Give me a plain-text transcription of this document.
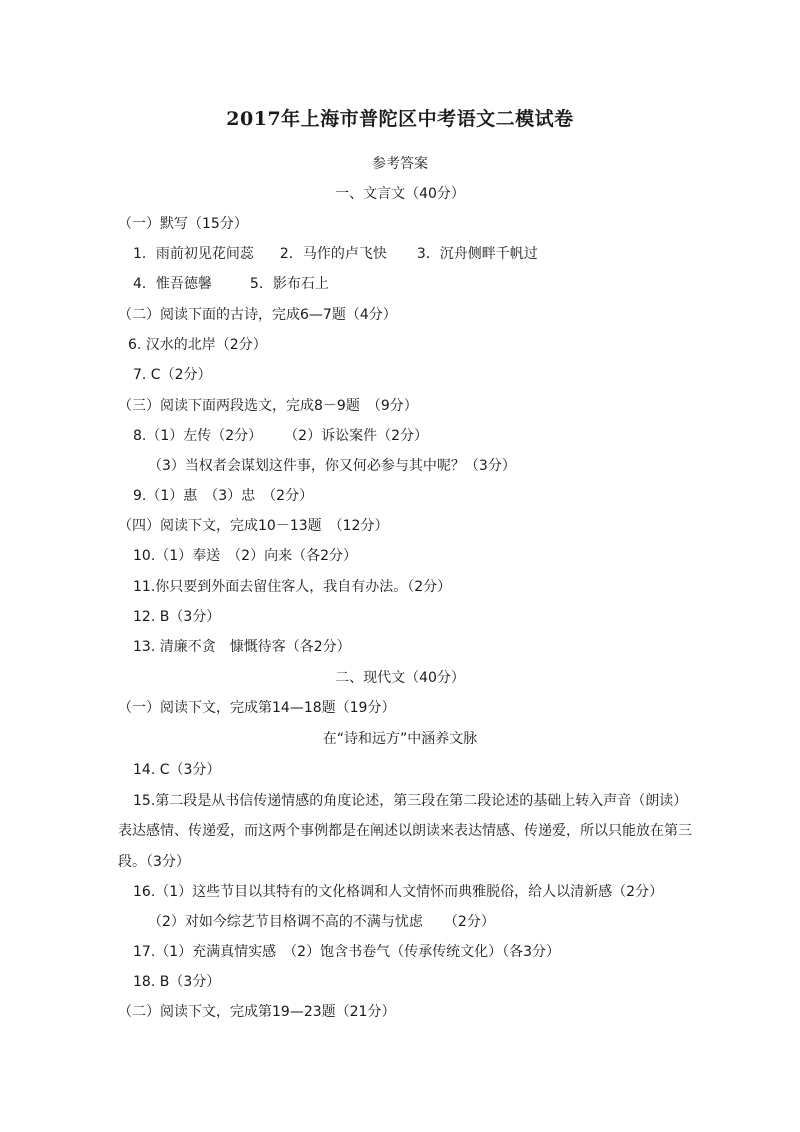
2017年上海市普陀区中考语文二模试卷
参考答案
一、文言文（40分）
（一）默写（15分）
1．雨前初见花间蕊 2．马作的卢飞快 3．沉舟侧畔千帆过
4．惟吾德馨	5．影布石上
（二）阅读下面的古诗，完成6—7题（4分）
6. 汉水的北岸（2分）
7. C（2分）
（三）阅读下面两段选文，完成8－9题　（9分）
8.（1）左传（2分） （2）诉讼案件（2分）
（3）当权者会谋划这件事，你又何必参与其中呢？（3分）
9.（1）惠　（3）忠　（2分）
（四）阅读下文，完成10－13题　（12分）
10.（1）奉送　（2）向来（各2分）
11.你只要到外面去留住客人，我自有办法。（2分）
12. B（3分）
13. 清廉不贪　慷慨待客（各2分）
二、现代文（40分）
（一）阅读下文，完成第14—18题（19分）
在“诗和远方”中涵养文脉
14. C（3分）
15.第二段是从书信传递情感的角度论述，第三段在第二段论述的基础上转入声音（朗读）
表达感情、传递爱，而这两个事例都是在阐述以朗读来表达情感、传递爱，所以只能放在第三
段。（3分）
16.（1）这些节目以其特有的文化格调和人文情怀而典雅脱俗，给人以清新感（2分）
（2）对如今综艺节目格调不高的不满与忧虑　　（2分）
17.（1）充满真情实感　（2）饱含书卷气（传承传统文化）（各3分）
18. B（3分）
（二）阅读下文，完成第19—23题（21分）
